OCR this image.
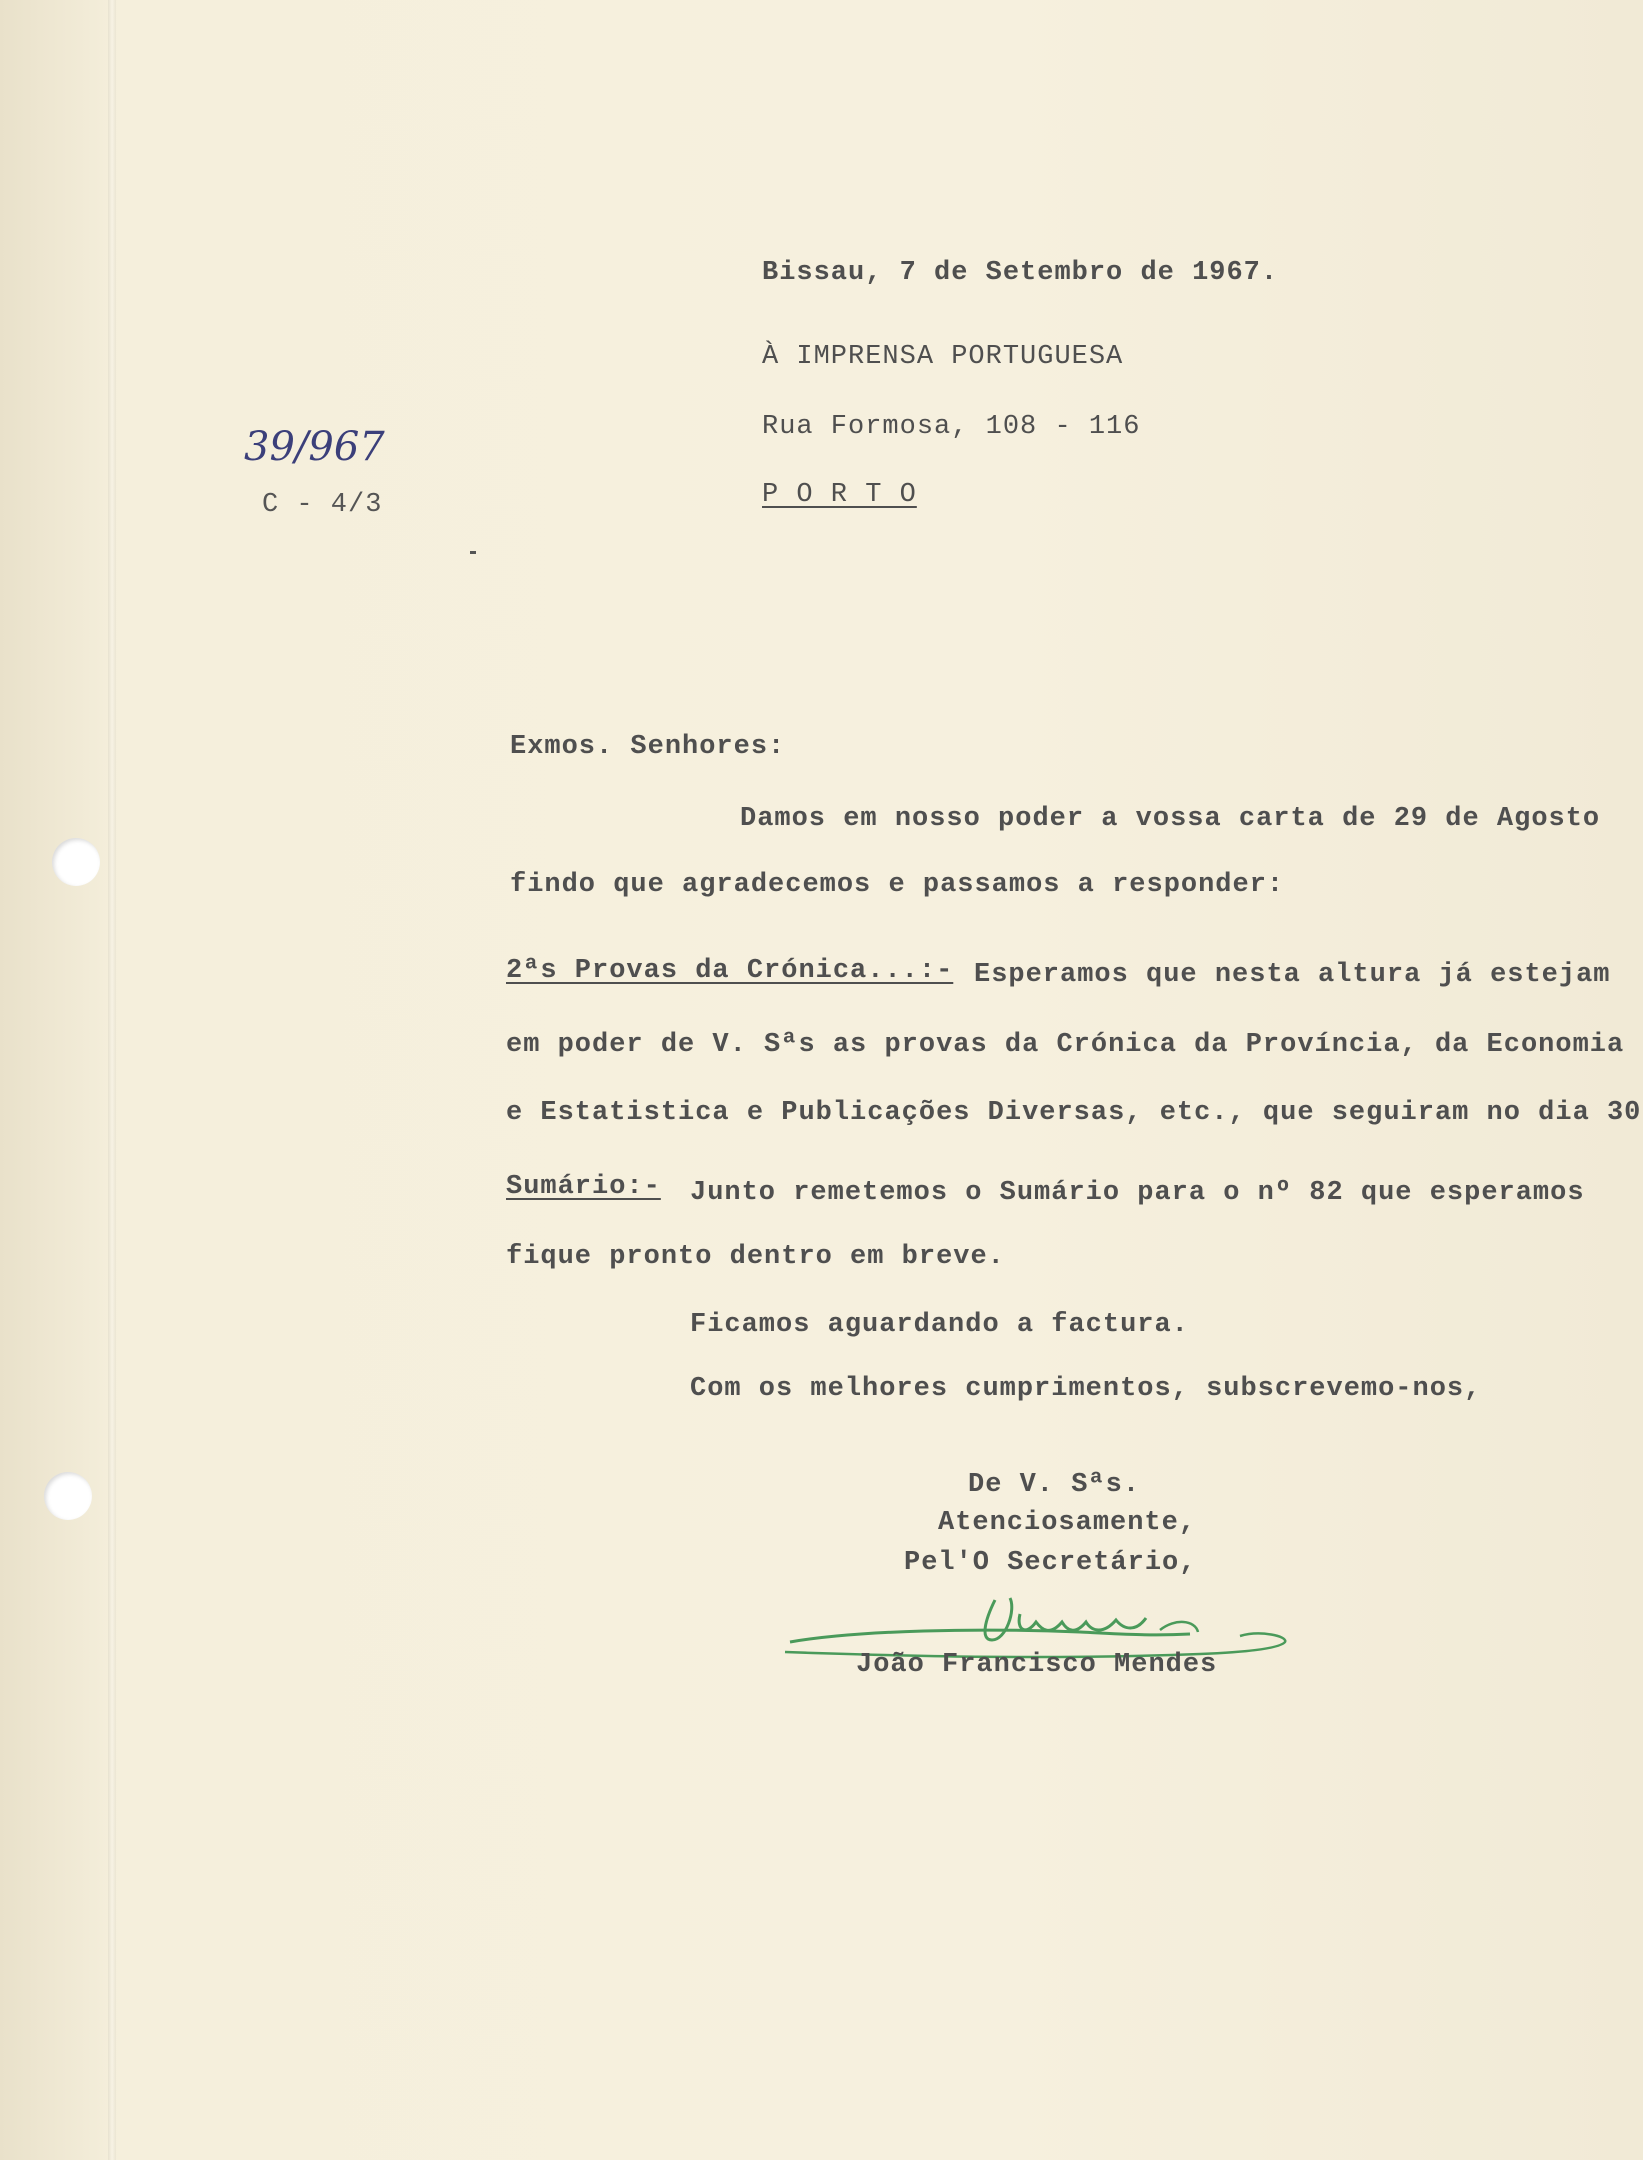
Bissau, 7 de Setembro de 1967.
À IMPRENSA PORTUGUESA
Rua Formosa, 108 - 116
P O R T O
39/967
C - 4/3
Exmos. Senhores:
Damos em nosso poder a vossa carta de 29 de Agosto
findo que agradecemos e passamos a responder:
2ªs Provas da Crónica...:- Esperamos que nesta altura já estejam
em poder de V. Sªs as provas da Crónica da Província, da Economia
e Estatistica e Publicações Diversas, etc., que seguiram no dia 30
Sumário:- Junto remetemos o Sumário para o nº 82 que esperamos
fique pronto dentro em breve.
Ficamos aguardando a factura.
Com os melhores cumprimentos, subscrevemo-nos,
De V. Sªs.
Atenciosamente,
Pel'O Secretário,
João Francisco Mendes
